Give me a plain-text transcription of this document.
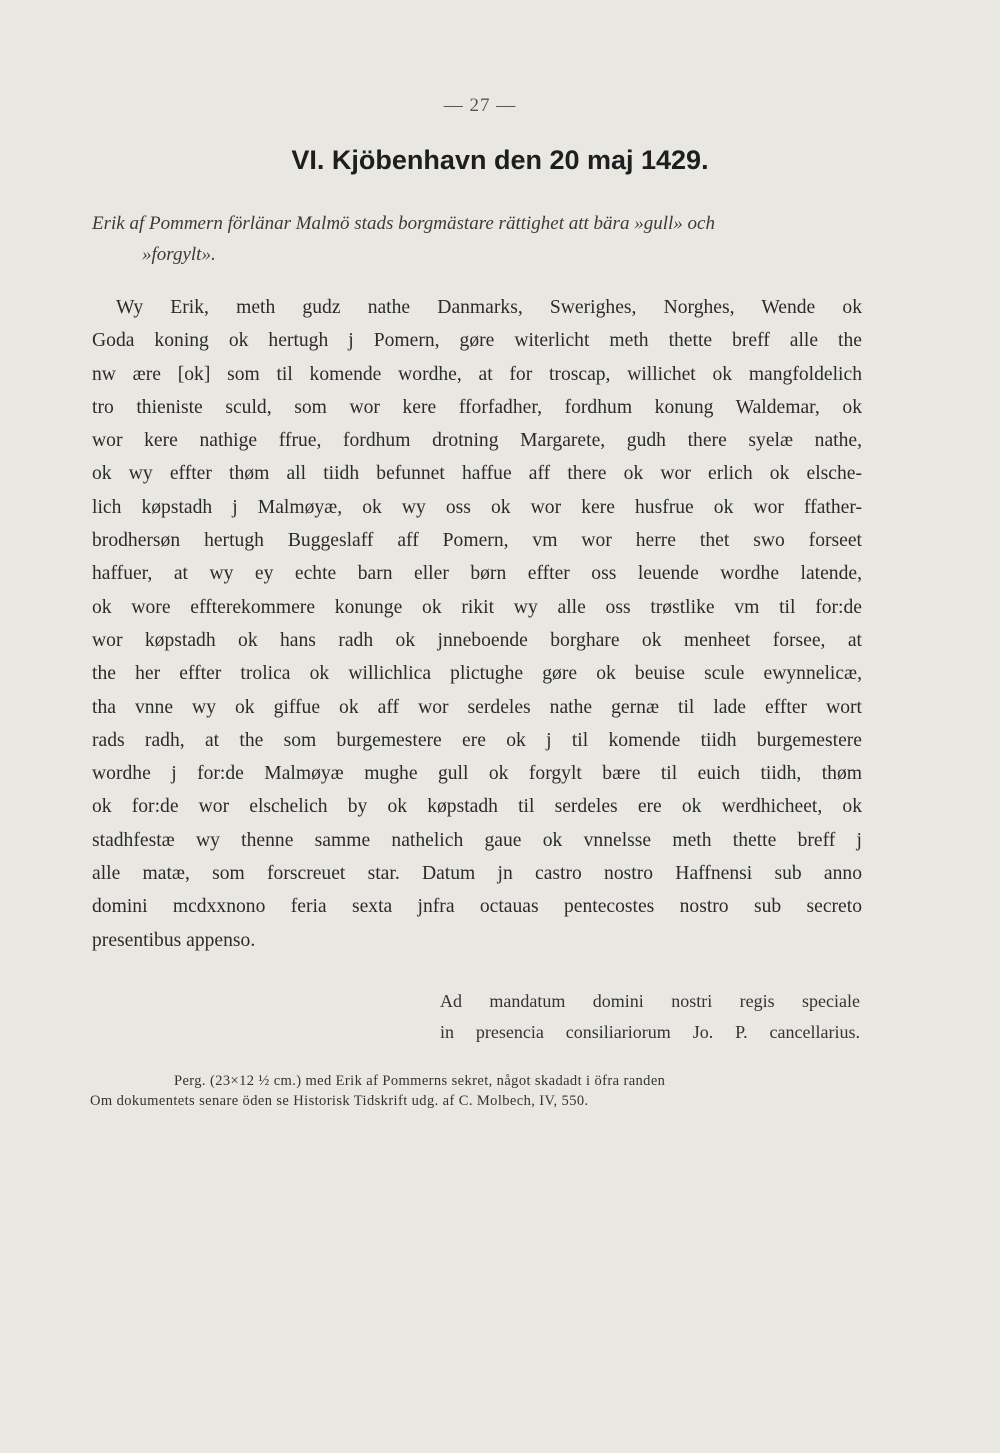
— 27 —
VI. Kjöbenhavn den 20 maj 1429.
Erik af Pommern förlänar Malmö stads borgmästare rättighet att bära »gull» och
»forgylt».
Wy Erik, meth gudz nathe Danmarks, Swerighes, Norghes, Wende ok
Goda koning ok hertugh j Pomern, gøre witerlicht meth thette breff alle the
nw ære [ok] som til komende wordhe, at for troscap, willichet ok mangfoldelich
tro thieniste sculd, som wor kere fforfadher, fordhum konung Waldemar, ok
wor kere nathige ffrue, fordhum drotning Margarete, gudh there syelæ nathe,
ok wy effter thøm all tiidh befunnet haffue aff there ok wor erlich ok elsche-
lich køpstadh j Malmøyæ, ok wy oss ok wor kere husfrue ok wor ffather-
brodhersøn hertugh Buggeslaff aff Pomern, vm wor herre thet swo forseet
haffuer, at wy ey echte barn eller børn effter oss leuende wordhe latende,
ok wore effterekommere konunge ok rikit wy alle oss trøstlike vm til for:de
wor køpstadh ok hans radh ok jnneboende borghare ok menheet forsee, at
the her effter trolica ok willichlica plictughe gøre ok beuise scule ewynnelicæ,
tha vnne wy ok giffue ok aff wor serdeles nathe gernæ til lade effter wort
rads radh, at the som burgemestere ere ok j til komende tiidh burgemestere
wordhe j for:de Malmøyæ mughe gull ok forgylt bære til euich tiidh, thøm
ok for:de wor elschelich by ok køpstadh til serdeles ere ok werdhicheet, ok
stadhfestæ wy thenne samme nathelich gaue ok vnnelsse meth thette breff j
alle matæ, som forscreuet star. Datum jn castro nostro Haffnensi sub anno
domini mcdxxnono feria sexta jnfra octauas pentecostes nostro sub secreto
presentibus appenso.
Ad mandatum domini nostri regis speciale
in presencia consiliariorum Jo. P. cancellarius.
Perg. (23×12 ½ cm.) med Erik af Pommerns sekret, något skadadt i öfra randen
Om dokumentets senare öden se Historisk Tidskrift udg. af C. Molbech, IV, 550.
